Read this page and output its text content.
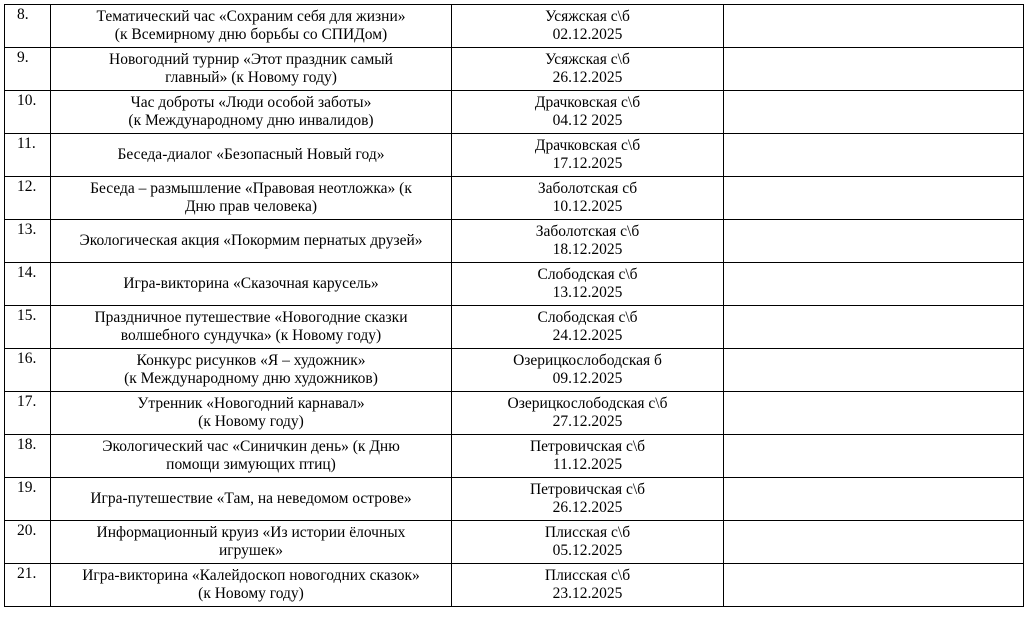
8.	Тематический час «Сохраним себя для жизни»
(к Всемирному дню борьбы со СПИДом)	Усяжская с\б
02.12.2025	

9.	Новогодний турнир «Этот праздник самый
главный» (к Новому году)	Усяжская с\б
26.12.2025	

10.	Час доброты «Люди особой заботы»
(к Международному дню инвалидов)	Драчковская с\б
04.12 2025	

11.	Беседа-диалог «Безопасный Новый год»	Драчковская с\б
17.12.2025	

12.	Беседа – размышление «Правовая неотложка» (к
Дню прав человека)	Заболотская сб
10.12.2025	

13.	Экологическая акция «Покормим пернатых друзей»	Заболотская с\б
18.12.2025	

14.	Игра-викторина «Сказочная карусель»	Слободская с\б
13.12.2025	

15.	Праздничное путешествие «Новогодние сказки
волшебного сундучка» (к Новому году)	Слободская с\б
24.12.2025	

16.	Конкурс рисунков «Я – художник»
(к Международному дню художников)	Озерицкослободская б
09.12.2025	

17.	Утренник «Новогодний карнавал»
(к Новому году)	Озерицкослободская с\б
27.12.2025	

18.	Экологический час «Синичкин день» (к Дню
помощи зимующих птиц)	Петровичская с\б
11.12.2025	

19.	Игра-путешествие «Там, на неведомом острове»	Петровичская с\б
26.12.2025	

20.	Информационный круиз «Из истории ёлочных
игрушек»	Плисская с\б
05.12.2025	

21.	Игра-викторина «Калейдоскоп новогодних сказок»
(к Новому году)	Плисская с\б
23.12.2025	
